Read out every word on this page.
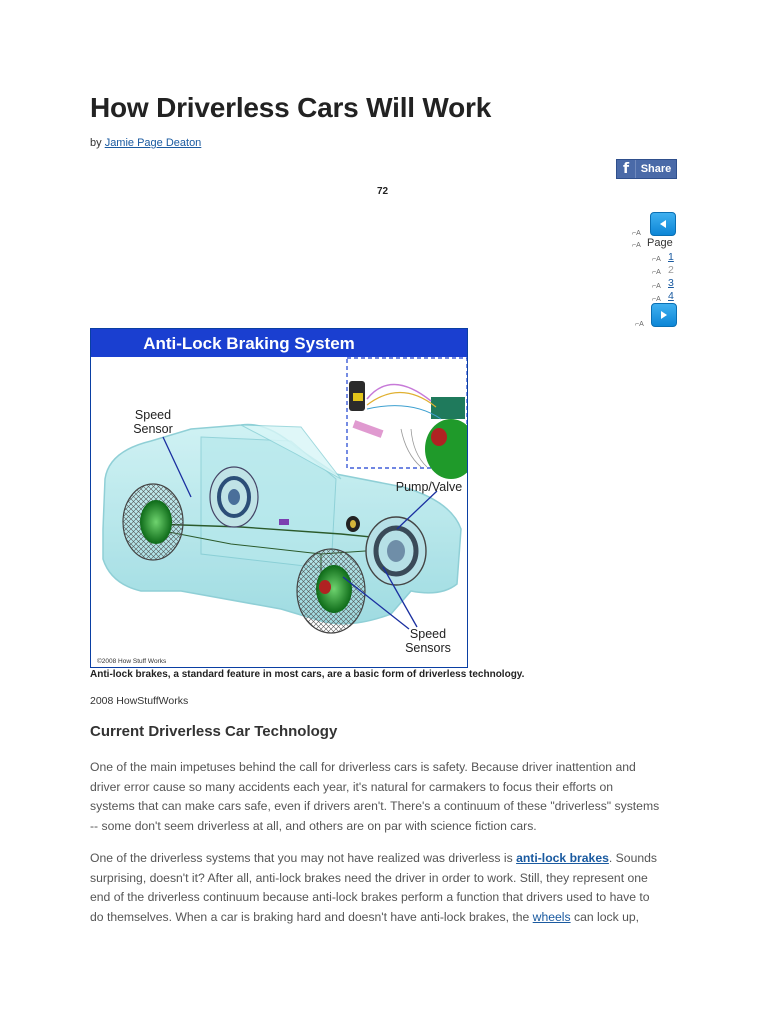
How Driverless Cars Will Work
by Jamie Page Deaton
f	Share
72
⌐A
⌐A Page
⌐A 1
⌐A 2
⌐A 3
⌐A 4
⌐A
Anti-Lock Braking System
Speed
Sensor
Pump/Valve
Speed
Sensors
©2008 How Stuff Works
Anti-lock brakes, a standard feature in most cars, are a basic form of driverless technology.
2008 HowStuffWorks
Current Driverless Car Technology
One of the main impetuses behind the call for driverless cars is safety. Because driver inattention and
driver error cause so many accidents each year, it's natural for carmakers to focus their efforts on
systems that can make cars safe, even if drivers aren't. There's a continuum of these "driverless" systems
-- some don't seem driverless at all, and others are on par with science fiction cars.
One of the driverless systems that you may not have realized was driverless is anti-lock brakes. Sounds
surprising, doesn't it? After all, anti-lock brakes need the driver in order to work. Still, they represent one
end of the driverless continuum because anti-lock brakes perform a function that drivers used to have to
do themselves. When a car is braking hard and doesn't have anti-lock brakes, the wheels can lock up,
